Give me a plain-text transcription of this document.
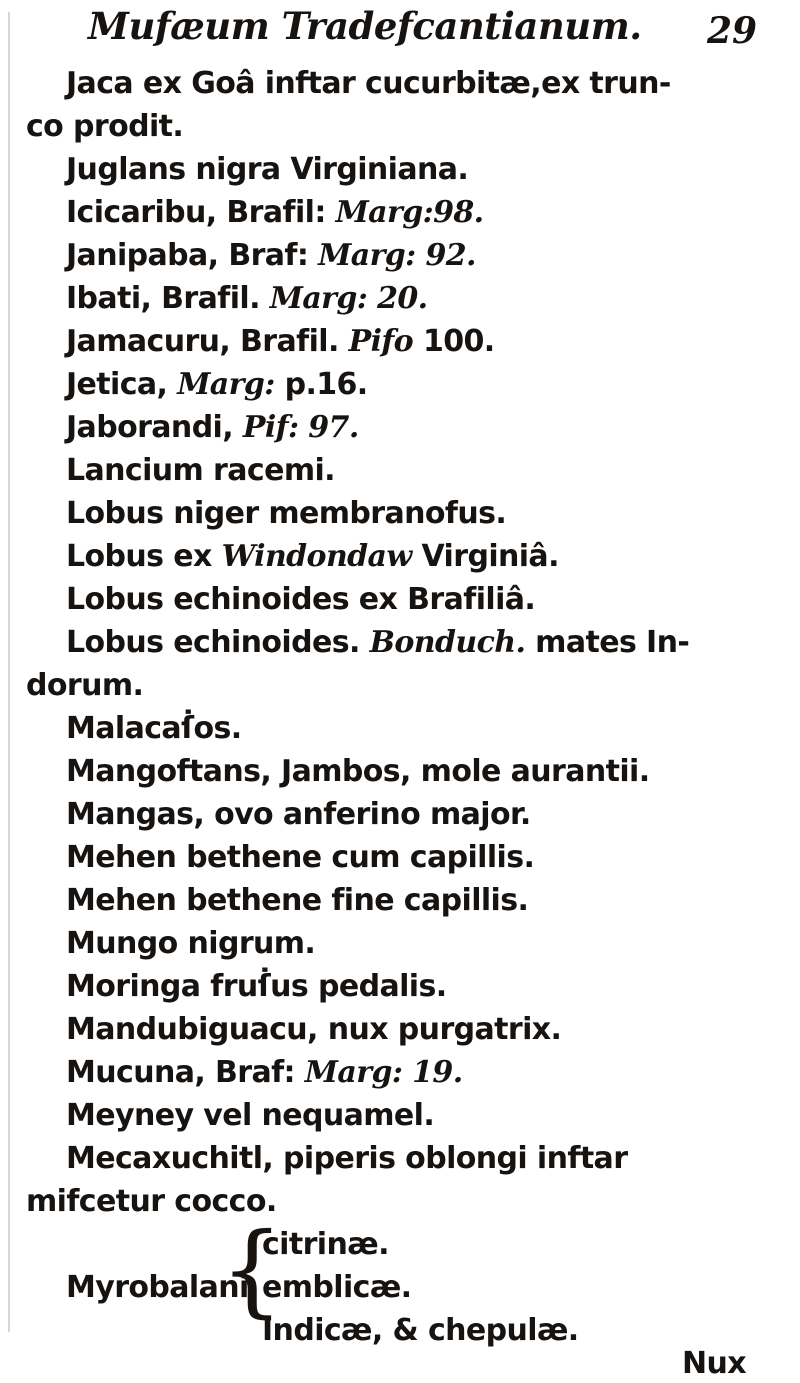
Mufæum Tradefcantianum. 29
Jaca ex Goâ inftar cucurbitæ,ex trun-
co prodit.
Juglans nigra Virginiana.
Icicaribu, Brafil: Marg:98.
Janipaba, Braf: Marg: 92.
Ibati, Brafil. Marg: 20.
Jamacuru, Brafil. Pifo 100.
Jetica, Marg: p.16.
Jaborandi, Pif: 97.
Lancium racemi.
Lobus niger membranofus.
Lobus ex Windondaw Virginiâ.
Lobus echinoides ex Brafiliâ.
Lobus echinoides. Bonduch. mates In-
dorum.
Malacaẛos.
Mangoftans, Jambos, mole aurantii.
Mangas, ovo anferino major.
Mehen bethene cum capillis.
Mehen bethene fine capillis.
Mungo nigrum.
Moringa fruẛus pedalis.
Mandubiguacu, nux purgatrix.
Mucuna, Braf: Marg: 19.
Meyney vel nequamel.
Mecaxuchitl, piperis oblongi inftar
mifcetur cocco.
Myrobalani
{
citrinæ.
emblicæ.
Indicæ, & chepulæ.
Nux
